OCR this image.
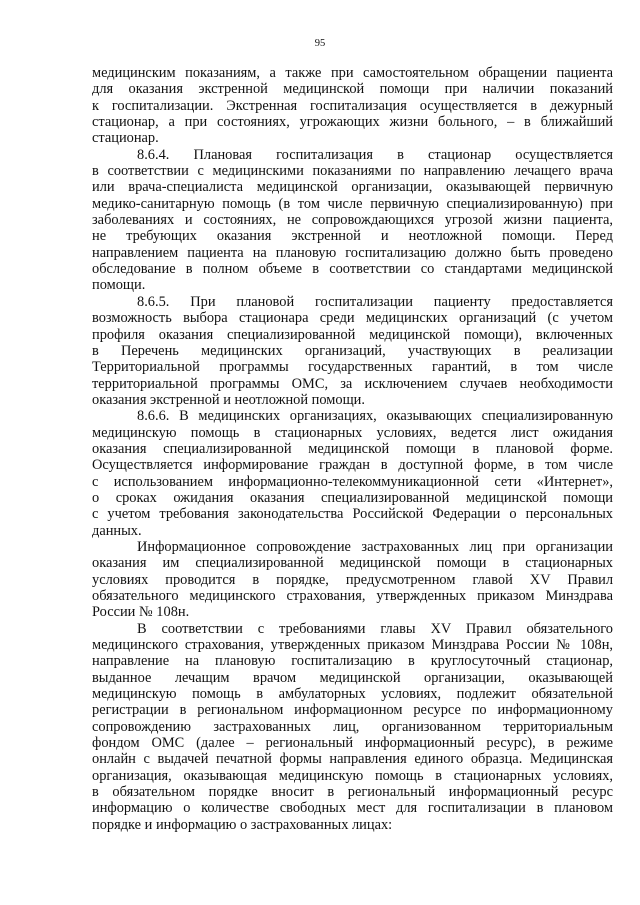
95
медицинским показаниям, а также при самостоятельном обращении пациента
для оказания экстренной медицинской помощи при наличии показаний
к госпитализации. Экстренная госпитализация осуществляется в дежурный
стационар, а при состояниях, угрожающих жизни больного, – в ближайший
стационар.
8.6.4. Плановая госпитализация в стационар осуществляется
в соответствии с медицинскими показаниями по направлению лечащего врача
или врача-специалиста медицинской организации, оказывающей первичную
медико-санитарную помощь (в том числе первичную специализированную) при
заболеваниях и состояниях, не сопровождающихся угрозой жизни пациента,
не требующих оказания экстренной и неотложной помощи. Перед
направлением пациента на плановую госпитализацию должно быть проведено
обследование в полном объеме в соответствии со стандартами медицинской
помощи.
8.6.5. При плановой госпитализации пациенту предоставляется
возможность выбора стационара среди медицинских организаций (с учетом
профиля оказания специализированной медицинской помощи), включенных
в Перечень медицинских организаций, участвующих в реализации
Территориальной программы государственных гарантий, в том числе
территориальной программы ОМС, за исключением случаев необходимости
оказания экстренной и неотложной помощи.
8.6.6. В медицинских организациях, оказывающих специализированную
медицинскую помощь в стационарных условиях, ведется лист ожидания
оказания специализированной медицинской помощи в плановой форме.
Осуществляется информирование граждан в доступной форме, в том числе
с использованием информационно-телекоммуникационной сети «Интернет»,
о сроках ожидания оказания специализированной медицинской помощи
с учетом требования законодательства Российской Федерации о персональных
данных.
Информационное сопровождение застрахованных лиц при организации
оказания им специализированной медицинской помощи в стационарных
условиях проводится в порядке, предусмотренном главой XV Правил
обязательного медицинского страхования, утвержденных приказом Минздрава
России № 108н.
В соответствии с требованиями главы XV Правил обязательного
медицинского страхования, утвержденных приказом Минздрава России № 108н,
направление на плановую госпитализацию в круглосуточный стационар,
выданное лечащим врачом медицинской организации, оказывающей
медицинскую помощь в амбулаторных условиях, подлежит обязательной
регистрации в региональном информационном ресурсе по информационному
сопровождению застрахованных лиц, организованном территориальным
фондом ОМС (далее – региональный информационный ресурс), в режиме
онлайн с выдачей печатной формы направления единого образца. Медицинская
организация, оказывающая медицинскую помощь в стационарных условиях,
в обязательном порядке вносит в региональный информационный ресурс
информацию о количестве свободных мест для госпитализации в плановом
порядке и информацию о застрахованных лицах:
